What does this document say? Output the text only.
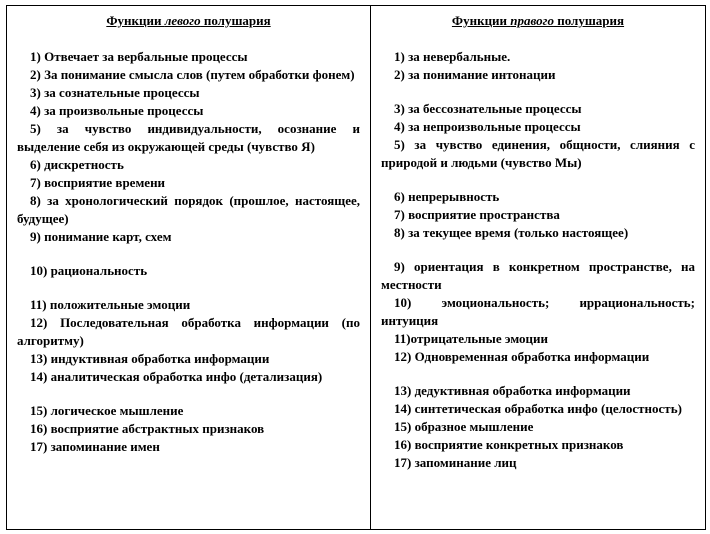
Функции левого полушария
1) Отвечает за вербальные процессы
2) За понимание смысла слов (путем обработки фонем)
3) за сознательные процессы
4) за произвольные процессы
5) за чувство индивидуальности, осознание и выделение себя из окружающей среды (чувство Я)
6) дискретность
7) восприятие времени
8) за хронологический порядок (прошлое, настоящее, будущее)
9) понимание карт, схем
10) рациональность
11) положительные эмоции
12) Последовательная обработка информации (по алгоритму)
13) индуктивная обработка информации
14) аналитическая обработка инфо (детализация)
15) логическое мышление
16) восприятие абстрактных признаков
17) запоминание имен

Функции правого полушария
1) за невербальные.
2) за понимание интонации
3) за бессознательные процессы
4) за непроизвольные процессы
5) за чувство единения, общности, слияния с природой и людьми (чувство Мы)
6) непрерывность
7) восприятие пространства
8) за текущее время (только настоящее)
9) ориентация в конкретном пространстве, на местности
10) эмоциональность; иррациональность; интуиция
11)отрицательные эмоции
12) Одновременная обработка информации
13) дедуктивная обработка информации
14) синтетическая обработка инфо (целостность)
15) образное мышление
16) восприятие конкретных признаков
17) запоминание лиц
